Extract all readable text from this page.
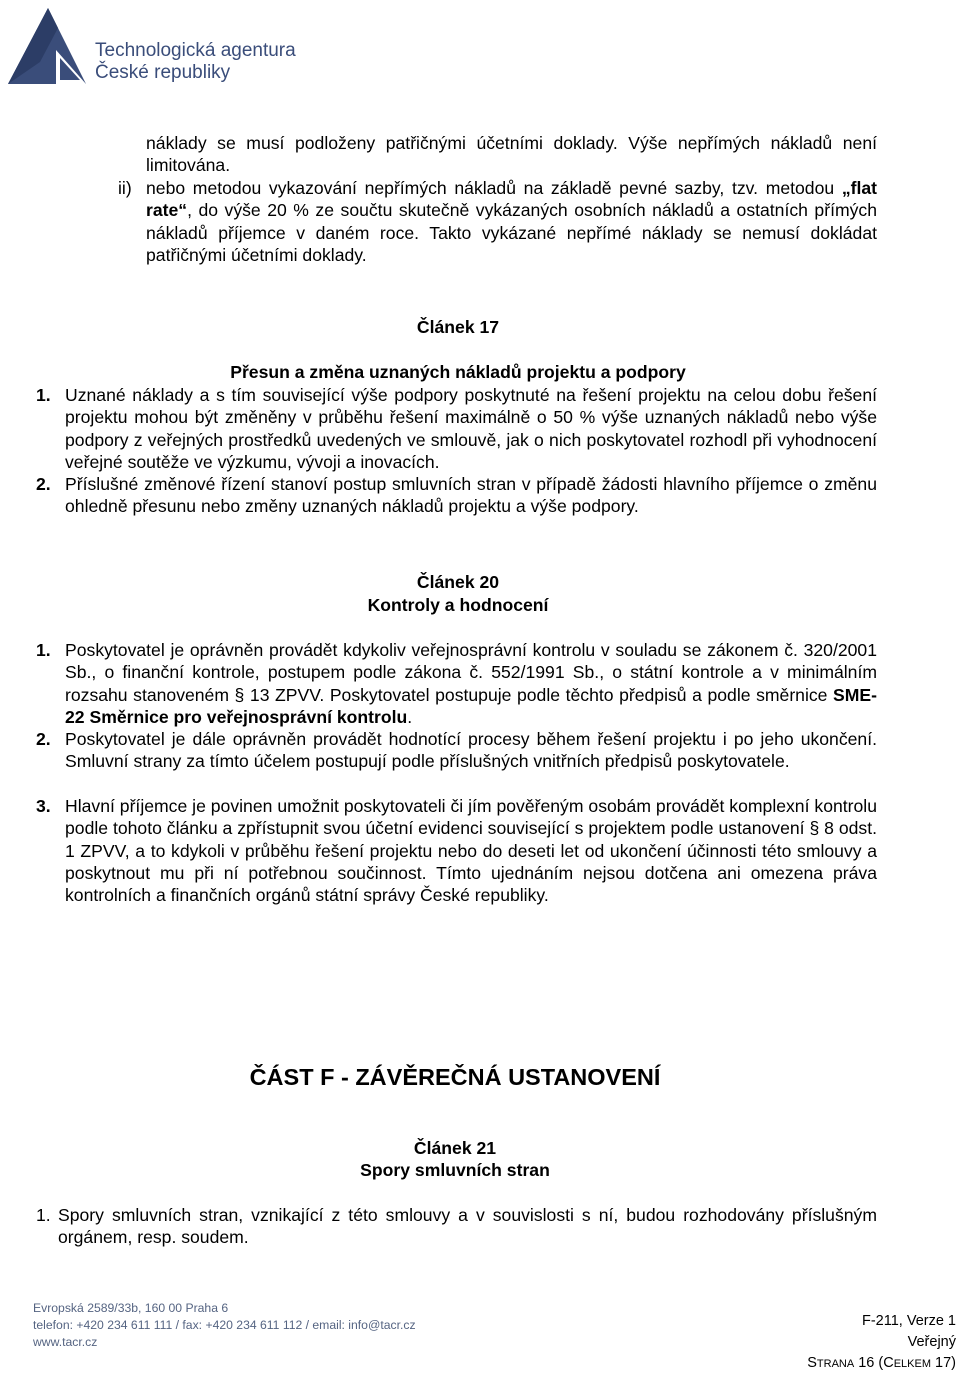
Technologická agentura
České republiky

náklady se musí podloženy patřičnými účetními doklady. Výše nepřímých nákladů není limitována.

ii) nebo metodou vykazování nepřímých nákladů na základě pevné sazby, tzv. metodou „flat rate“, do výše 20 % ze součtu skutečně vykázaných osobních nákladů a ostatních přímých nákladů příjemce v daném roce. Takto vykázané nepřímé náklady se nemusí dokládat patřičnými účetními doklady.

Článek 17
Přesun a změna uznaných nákladů projektu a podpory
1. Uznané náklady a s tím související výše podpory poskytnuté na řešení projektu na celou dobu řešení projektu mohou být změněny v průběhu řešení maximálně o 50 % výše uznaných nákladů nebo výše podpory z veřejných prostředků uvedených ve smlouvě, jak o nich poskytovatel rozhodl při vyhodnocení veřejné soutěže ve výzkumu, vývoji a inovacích.

2. Příslušné změnové řízení stanoví postup smluvních stran v případě žádosti hlavního příjemce o změnu ohledně přesunu nebo změny uznaných nákladů projektu a výše podpory.

Článek 20
Kontroly a hodnocení
1. Poskytovatel je oprávněn provádět kdykoliv veřejnosprávní kontrolu v souladu se zákonem č. 320/2001 Sb., o finanční kontrole, postupem podle zákona č. 552/1991 Sb., o státní kontrole a v minimálním rozsahu stanoveném § 13 ZPVV. Poskytovatel postupuje podle těchto předpisů a podle směrnice SME-22 Směrnice pro veřejnosprávní kontrolu.

2. Poskytovatel je dále oprávněn provádět hodnotící procesy během řešení projektu i po jeho ukončení. Smluvní strany za tímto účelem postupují podle příslušných vnitřních předpisů poskytovatele.

3. Hlavní příjemce je povinen umožnit poskytovateli či jím pověřeným osobám provádět komplexní kontrolu podle tohoto článku a zpřístupnit svou účetní evidenci související s projektem podle ustanovení § 8 odst. 1 ZPVV, a to kdykoli v průběhu řešení projektu nebo do deseti let od ukončení účinnosti této smlouvy a poskytnout mu při ní potřebnou součinnost. Tímto ujednáním nejsou dotčena ani omezena práva kontrolních a finančních orgánů státní správy České republiky.

ČÁST F - ZÁVĚREČNÁ USTANOVENÍ
Článek 21
Spory smluvních stran
1. Spory smluvních stran, vznikající z této smlouvy a v souvislosti s ní, budou rozhodovány příslušným orgánem, resp. soudem.

Evropská 2589/33b, 160 00 Praha 6
telefon: +420 234 611 111 / fax: +420 234 611 112 / email: info@tacr.cz
www.tacr.cz
F-211, Verze 1
Veřejný
STRANA 16 (CELKEM 17)
